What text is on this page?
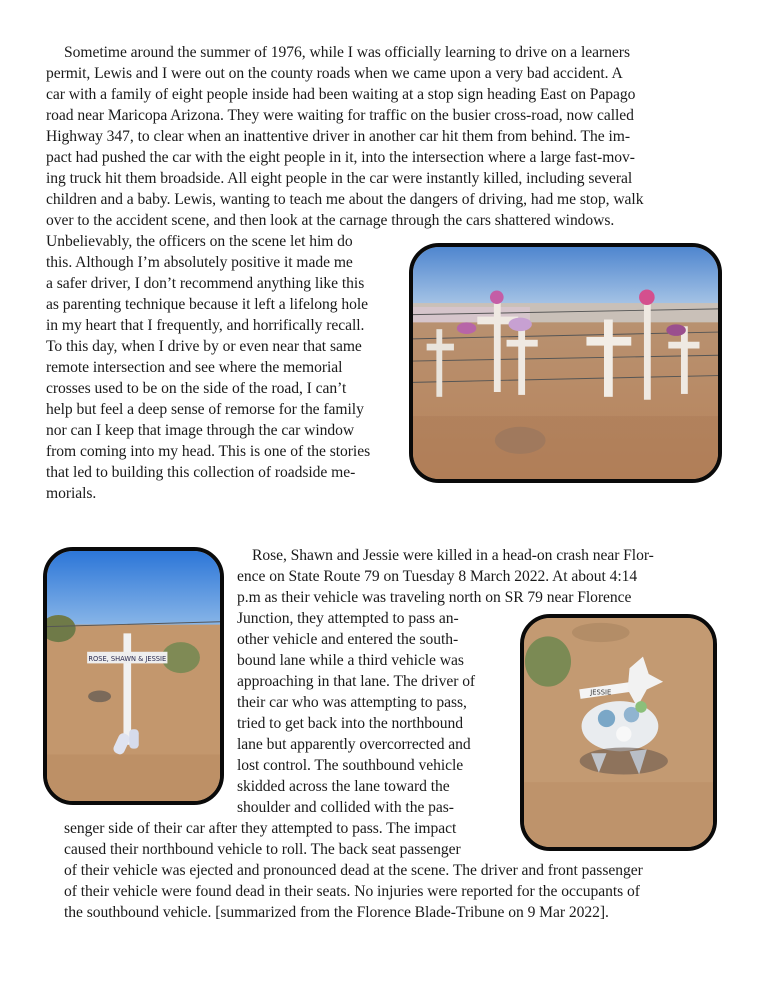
Sometime around the summer of 1976, while I was officially learning to drive on a learners
permit, Lewis and I were out on the county roads when we came upon a very bad accident. A
car with a family of eight people inside had been waiting at a stop sign heading East on Papago
road near Maricopa Arizona. They were waiting for traffic on the busier cross-road, now called
Highway 347, to clear when an inattentive driver in another car hit them from behind. The im-
pact had pushed the car with the eight people in it, into the intersection where a large fast-mov-
ing truck hit them broadside. All eight people in the car were instantly killed, including several
children and a baby. Lewis, wanting to teach me about the dangers of driving, had me stop, walk
over to the accident scene, and then look at the carnage through the cars shattered windows.
Unbelievably, the officers on the scene let him do
this. Although I’m absolutely positive it made me
a safer driver, I don’t recommend anything like this
as parenting technique because it left a lifelong hole
in my heart that I frequently, and horrifically recall.
To this day, when I drive by or even near that same
remote intersection and see where the memorial
crosses used to be on the side of the road, I can’t
help but feel a deep sense of remorse for the family
nor can I keep that image through the car window
from coming into my head. This is one of the stories
that led to building this collection of roadside me-
morials.
ROSE, SHAWN & JESSIE
JESSIE
Rose, Shawn and Jessie were killed in a head-on crash near Flor-
ence on State Route 79 on Tuesday 8 March 2022. At about 4:14
p.m as their vehicle was traveling north on SR 79 near Florence
Junction, they attempted to pass an-
other vehicle and entered the south-
bound lane while a third vehicle was
approaching in that lane. The driver of
their car who was attempting to pass,
tried to get back into the northbound
lane but apparently overcorrected and
lost control. The southbound vehicle
skidded across the lane toward the
shoulder and collided with the pas-
senger side of their car after they attempted to pass. The impact
caused their northbound vehicle to roll. The back seat passenger
of their vehicle was ejected and pronounced dead at the scene. The driver and front passenger
of their vehicle were found dead in their seats. No injuries were reported for the occupants of
the southbound vehicle. [summarized from the Florence Blade-Tribune on 9 Mar 2022].
